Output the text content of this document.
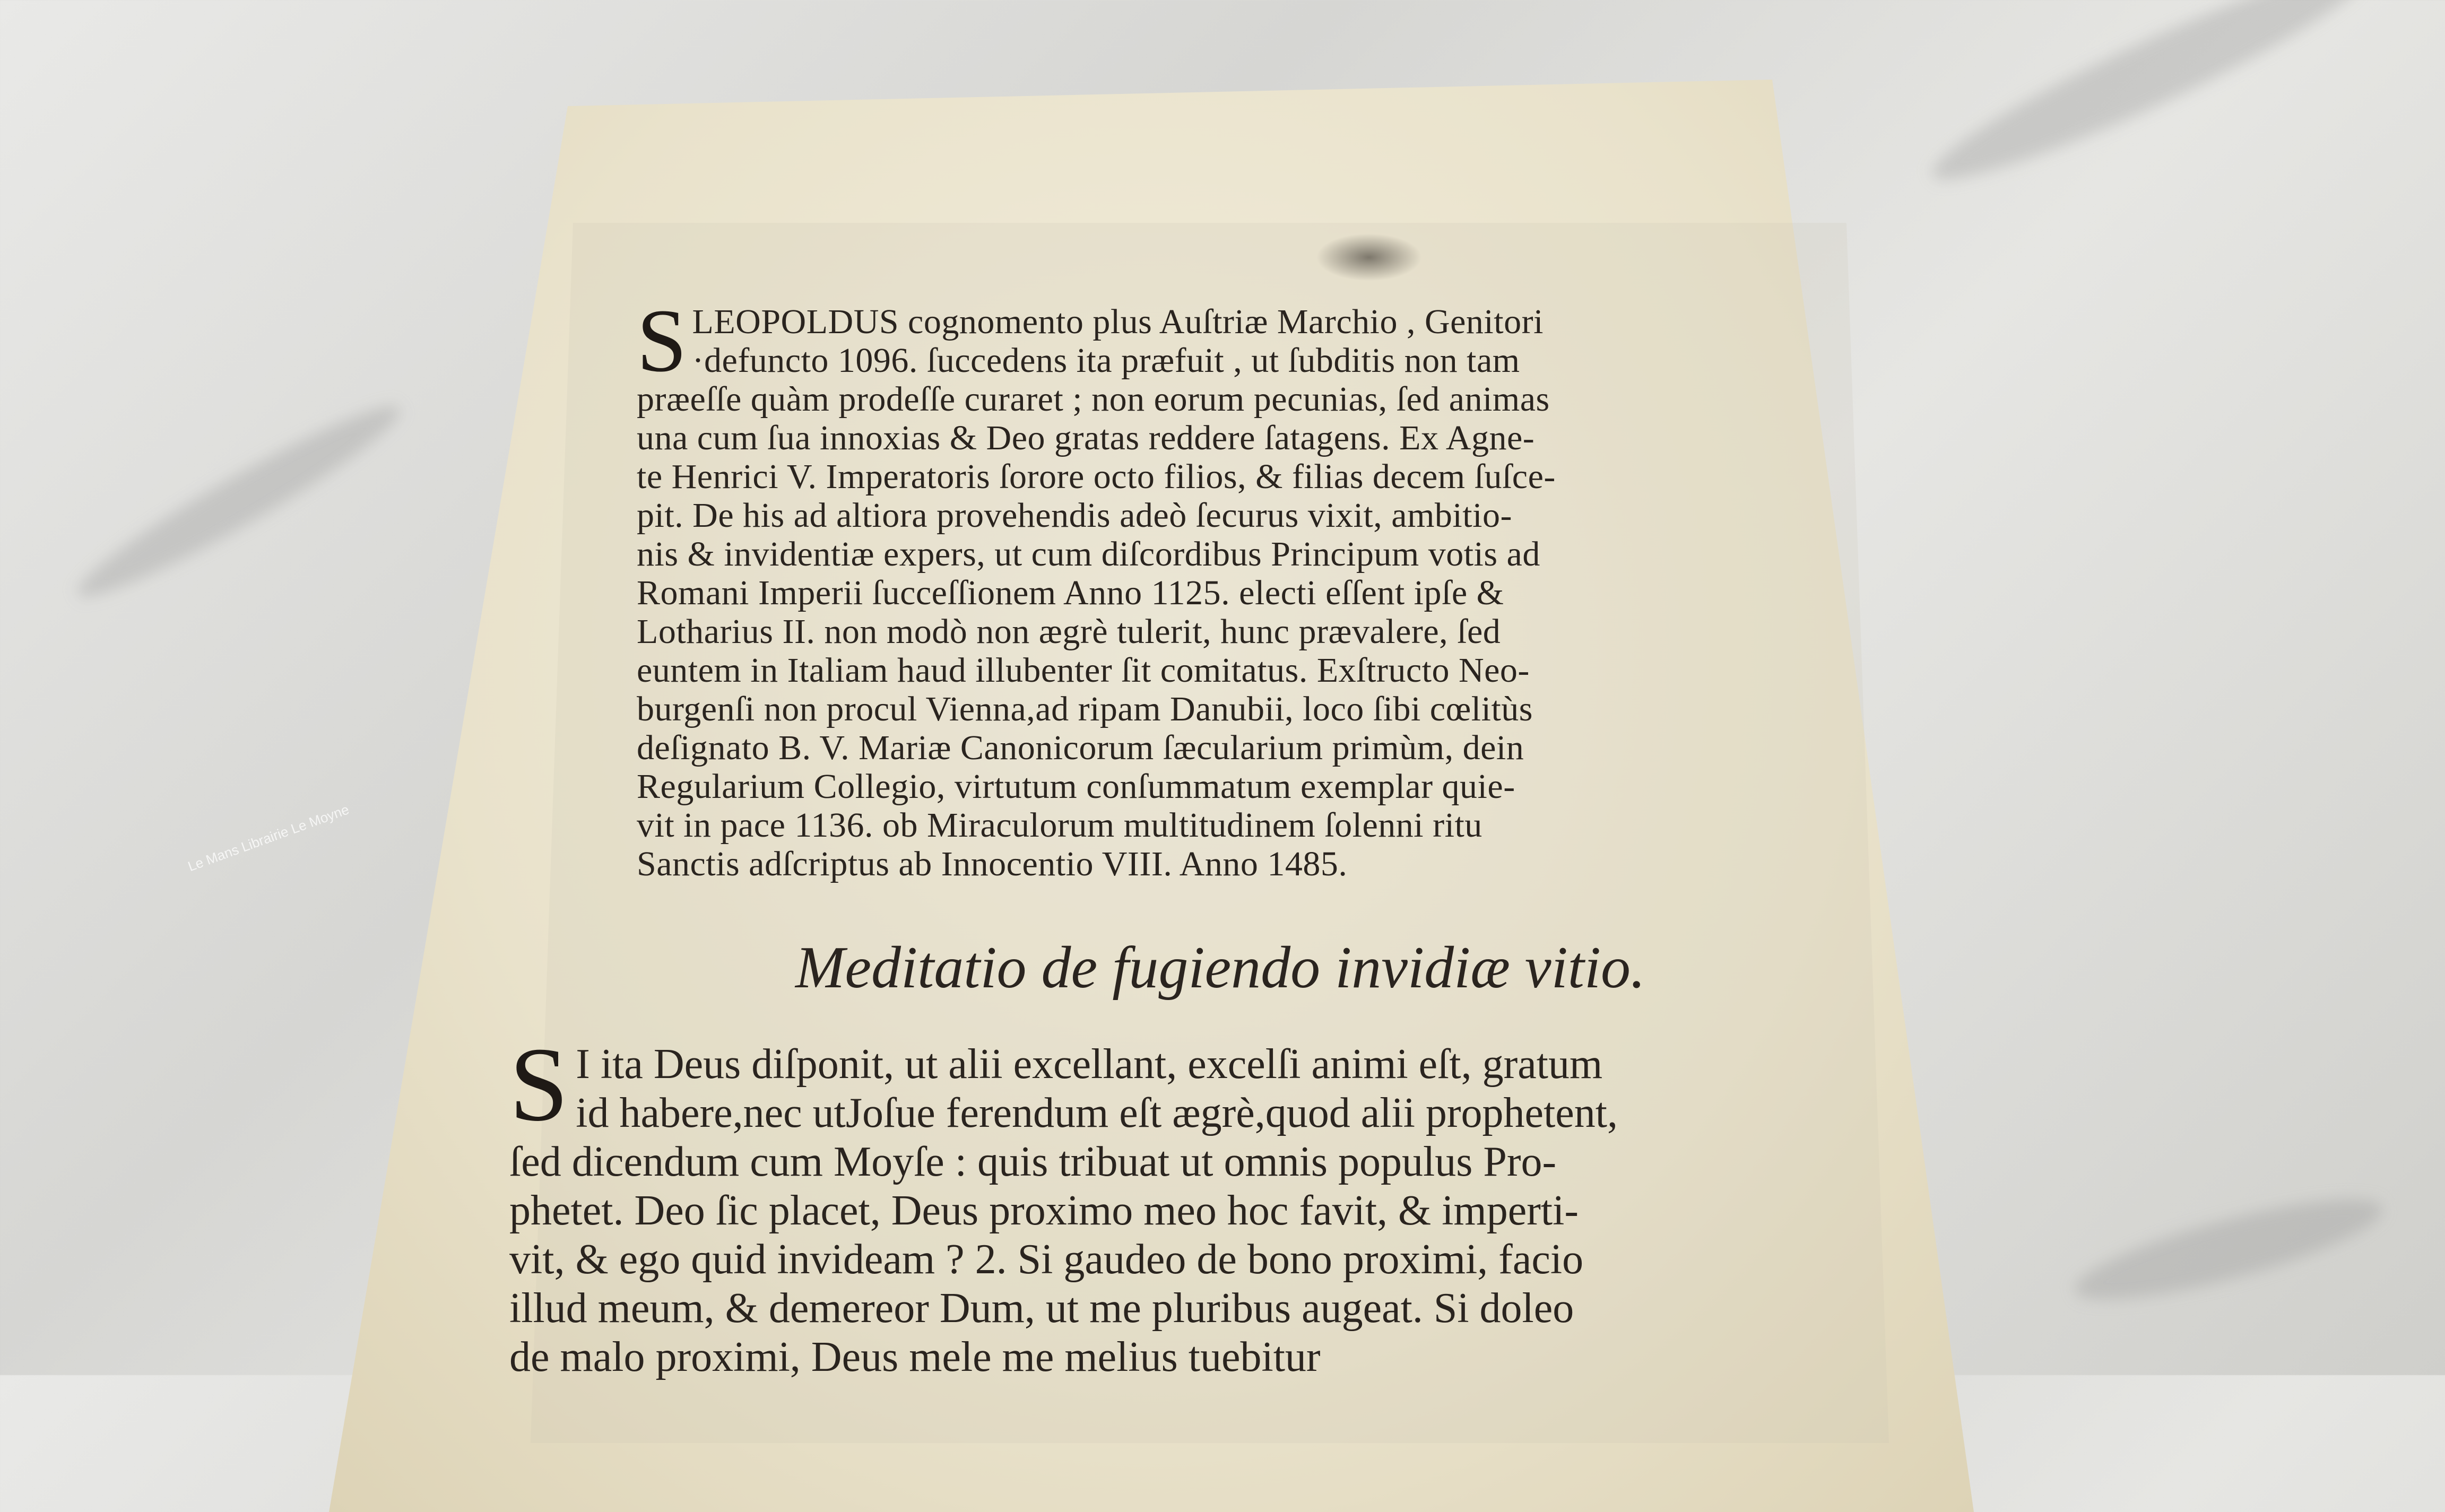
Le Mans Librairie Le Moyne
S LEOPOLDUS cognomento plus Auſtriæ Marchio , Genitori
·defuncto 1096. ſuccedens ita præfuit , ut ſubditis non tam
præeſſe quàm prodeſſe curaret ; non eorum pecunias, ſed animas
una cum ſua innoxias & Deo gratas reddere ſatagens. Ex Agne-
te Henrici V. Imperatoris ſorore octo filios, & filias decem ſuſce-
pit. De his ad altiora provehendis adeò ſecurus vixit, ambitio-
nis & invidentiæ expers, ut cum diſcordibus Principum votis ad
Romani Imperii ſucceſſionem Anno 1125. electi eſſent ipſe &
Lotharius II. non modò non ægrè tulerit, hunc prævalere, ſed
euntem in Italiam haud illubenter ſit comitatus. Exſtructo Neo-
burgenſi non procul Vienna,ad ripam Danubii, loco ſibi cœlitùs
deſignato B. V. Mariæ Canonicorum ſæcularium primùm, dein
Regularium Collegio, virtutum conſummatum exemplar quie-
vit in pace 1136. ob Miraculorum multitudinem ſolenni ritu
Sanctis adſcriptus ab Innocentio VIII. Anno 1485.
Meditatio de fugiendo invidiæ vitio.
S I ita Deus diſponit, ut alii excellant, excelſi animi eſt, gratum
id habere,nec utJoſue ferendum eſt ægrè,quod alii prophetent,
ſed dicendum cum Moyſe : quis tribuat ut omnis populus Pro-
phetet. Deo ſic placet, Deus proximo meo hoc favit, & imperti-
vit, & ego quid invideam ? 2. Si gaudeo de bono proximi, facio
illud meum, & demereor Dum, ut me pluribus augeat. Si doleo
de malo proximi, Deus mele me melius tuebitur
